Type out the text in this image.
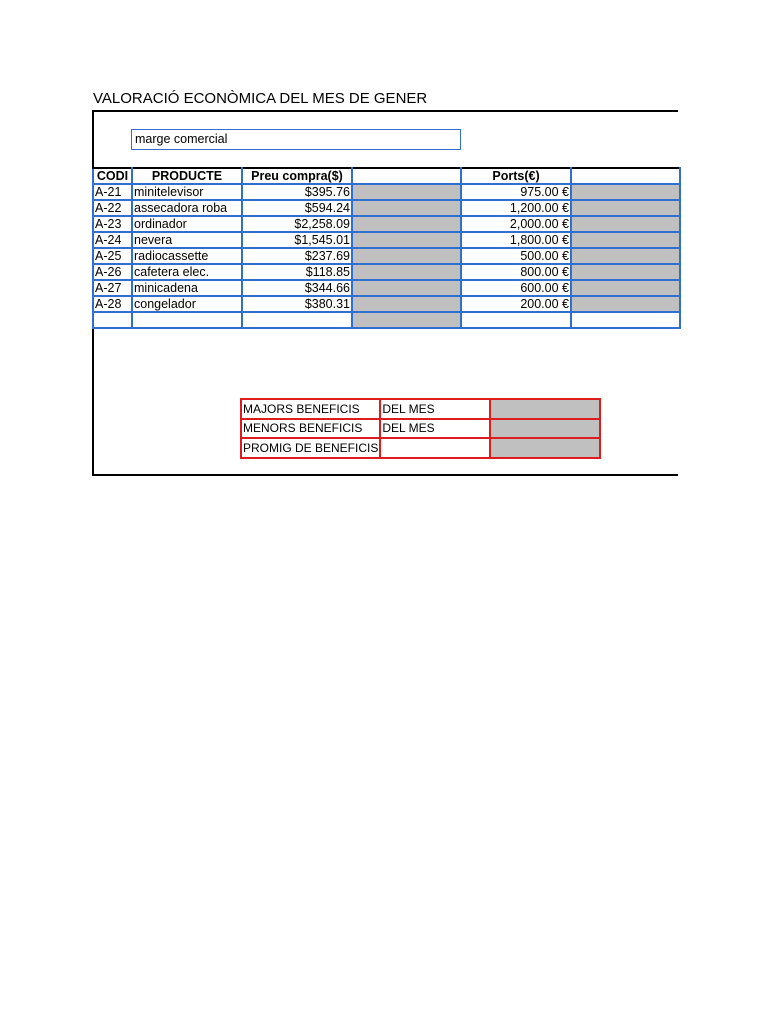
VALORACIÓ ECONÒMICA DEL MES DE GENER
marge comercial
CODI	PRODUCTE	Preu compra($)		Ports(€)	
A-21	minitelevisor	$395.76		975.00 €	
A-22	assecadora roba	$594.24		1,200.00 €	
A-23	ordinador	$2,258.09		2,000.00 €	
A-24	nevera	$1,545.01		1,800.00 €	
A-25	radiocassette	$237.69		500.00 €	
A-26	cafetera elec.	$118.85		800.00 €	
A-27	minicadena	$344.66		600.00 €	
A-28	congelador	$380.31		200.00 €	

MAJORS BENEFICIS	DEL MES	
MENORS BENEFICIS	DEL MES	
PROMIG DE BENEFICIS		
